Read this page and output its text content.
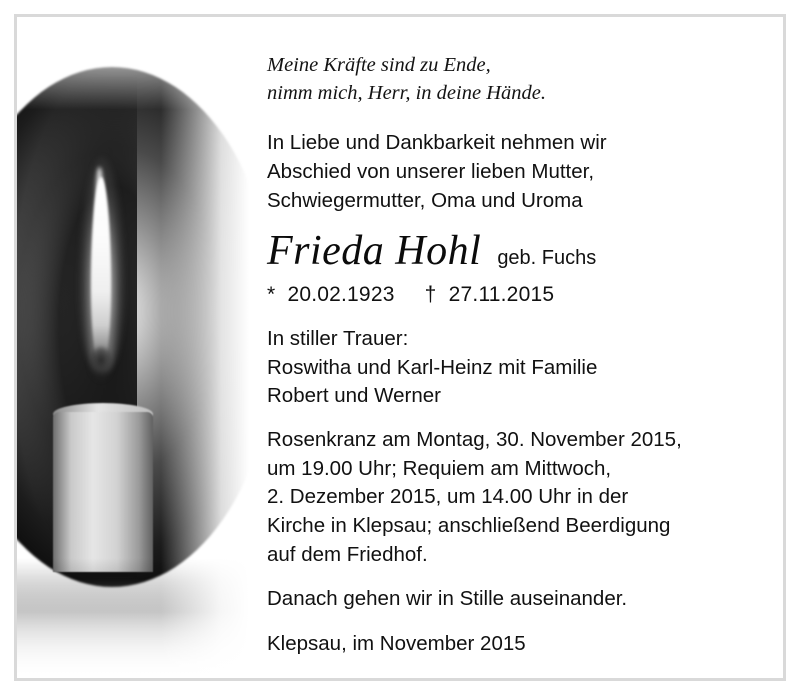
Meine Kräfte sind zu Ende,
nimm mich, Herr, in deine Hände.
In Liebe und Dankbarkeit nehmen wir
Abschied von unserer lieben Mutter,
Schwiegermutter, Oma und Uroma
Frieda Hohl geb. Fuchs
* 20.02.1923 † 27.11.2015
In stiller Trauer:
Roswitha und Karl-Heinz mit Familie
Robert und Werner
Rosenkranz am Montag, 30. November 2015,
um 19.00 Uhr; Requiem am Mittwoch,
2. Dezember 2015, um 14.00 Uhr in der
Kirche in Klepsau; anschließend Beerdigung
auf dem Friedhof.
Danach gehen wir in Stille auseinander.
Klepsau, im November 2015
